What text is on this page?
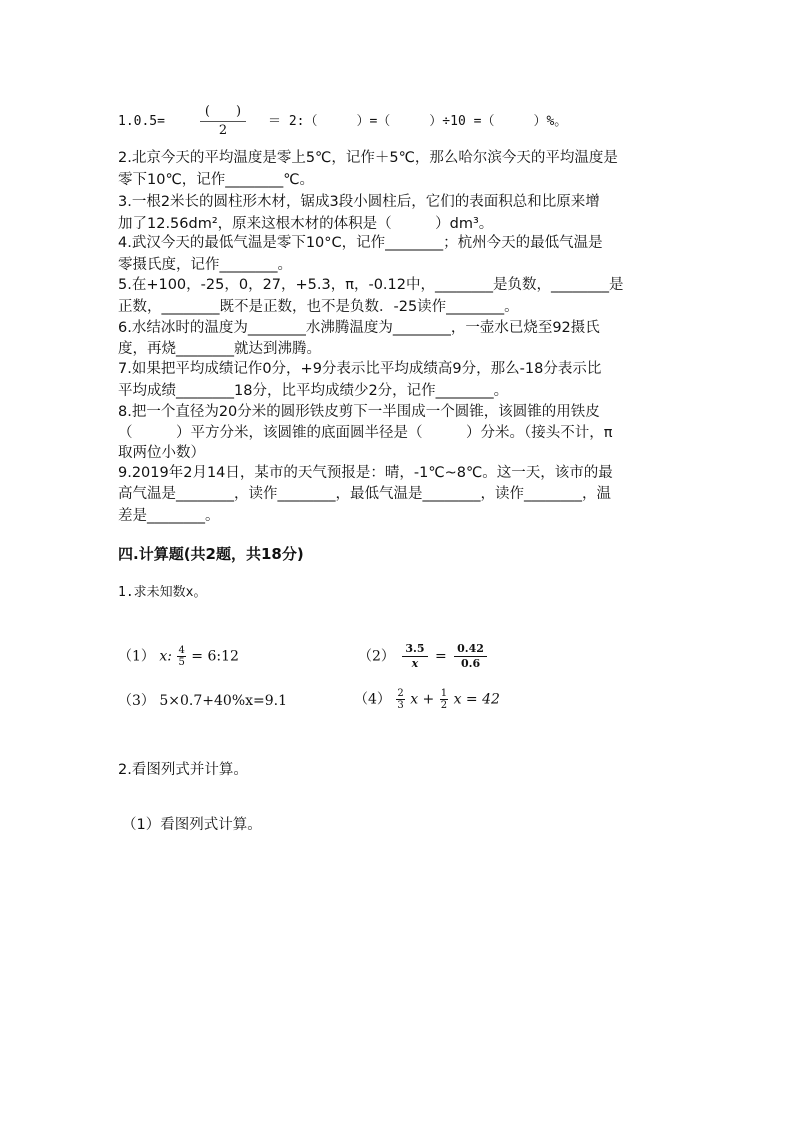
1.0.5=
(　　)
2
＝ 2:（　　　）=（　　　）÷10 =（　　　）%。
2.北京今天的平均温度是零上5℃，记作＋5℃，那么哈尔滨今天的平均温度是
零下10℃，记作________℃。
3.一根2米长的圆柱形木材，锯成3段小圆柱后，它们的表面积总和比原来增
加了12.56dm²，原来这根木材的体积是（　　　）dm³。
4.武汉今天的最低气温是零下10°C，记作________；杭州今天的最低气温是
零摄氏度，记作________。
5.在+100，-25，0，27，+5.3，π，-0.12中，________是负数，________是
正数，________既不是正数，也不是负数．-25读作________。
6.水结冰时的温度为________水沸腾温度为________，一壶水已烧至92摄氏
度，再烧________就达到沸腾。
7.如果把平均成绩记作0分，+9分表示比平均成绩高9分，那么-18分表示比
平均成绩________18分，比平均成绩少2分，记作________。
8.把一个直径为20分米的圆形铁皮剪下一半围成一个圆锥，该圆锥的用铁皮
（　　　）平方分米，该圆锥的底面圆半径是（　　　）分米。（接头不计，π
取两位小数）
9.2019年2月14日，某市的天气预报是：晴，-1℃~8℃。这一天，该市的最
高气温是________，读作________，最低气温是________，读作________，温
差是________。
四.计算题(共2题，共18分)
1.求未知数x。
（1） x: $\frac{4}{5}$ = 6:12	$(2) \frac{3.5}{x} = \frac{0.42}{0.6}$
（3） 5×0.7+40%x=9.1	$(4) \frac{2}{3}$ $x + \frac{1}{2}$ x = 42
2.看图列式并计算。
（1）看图列式计算。
